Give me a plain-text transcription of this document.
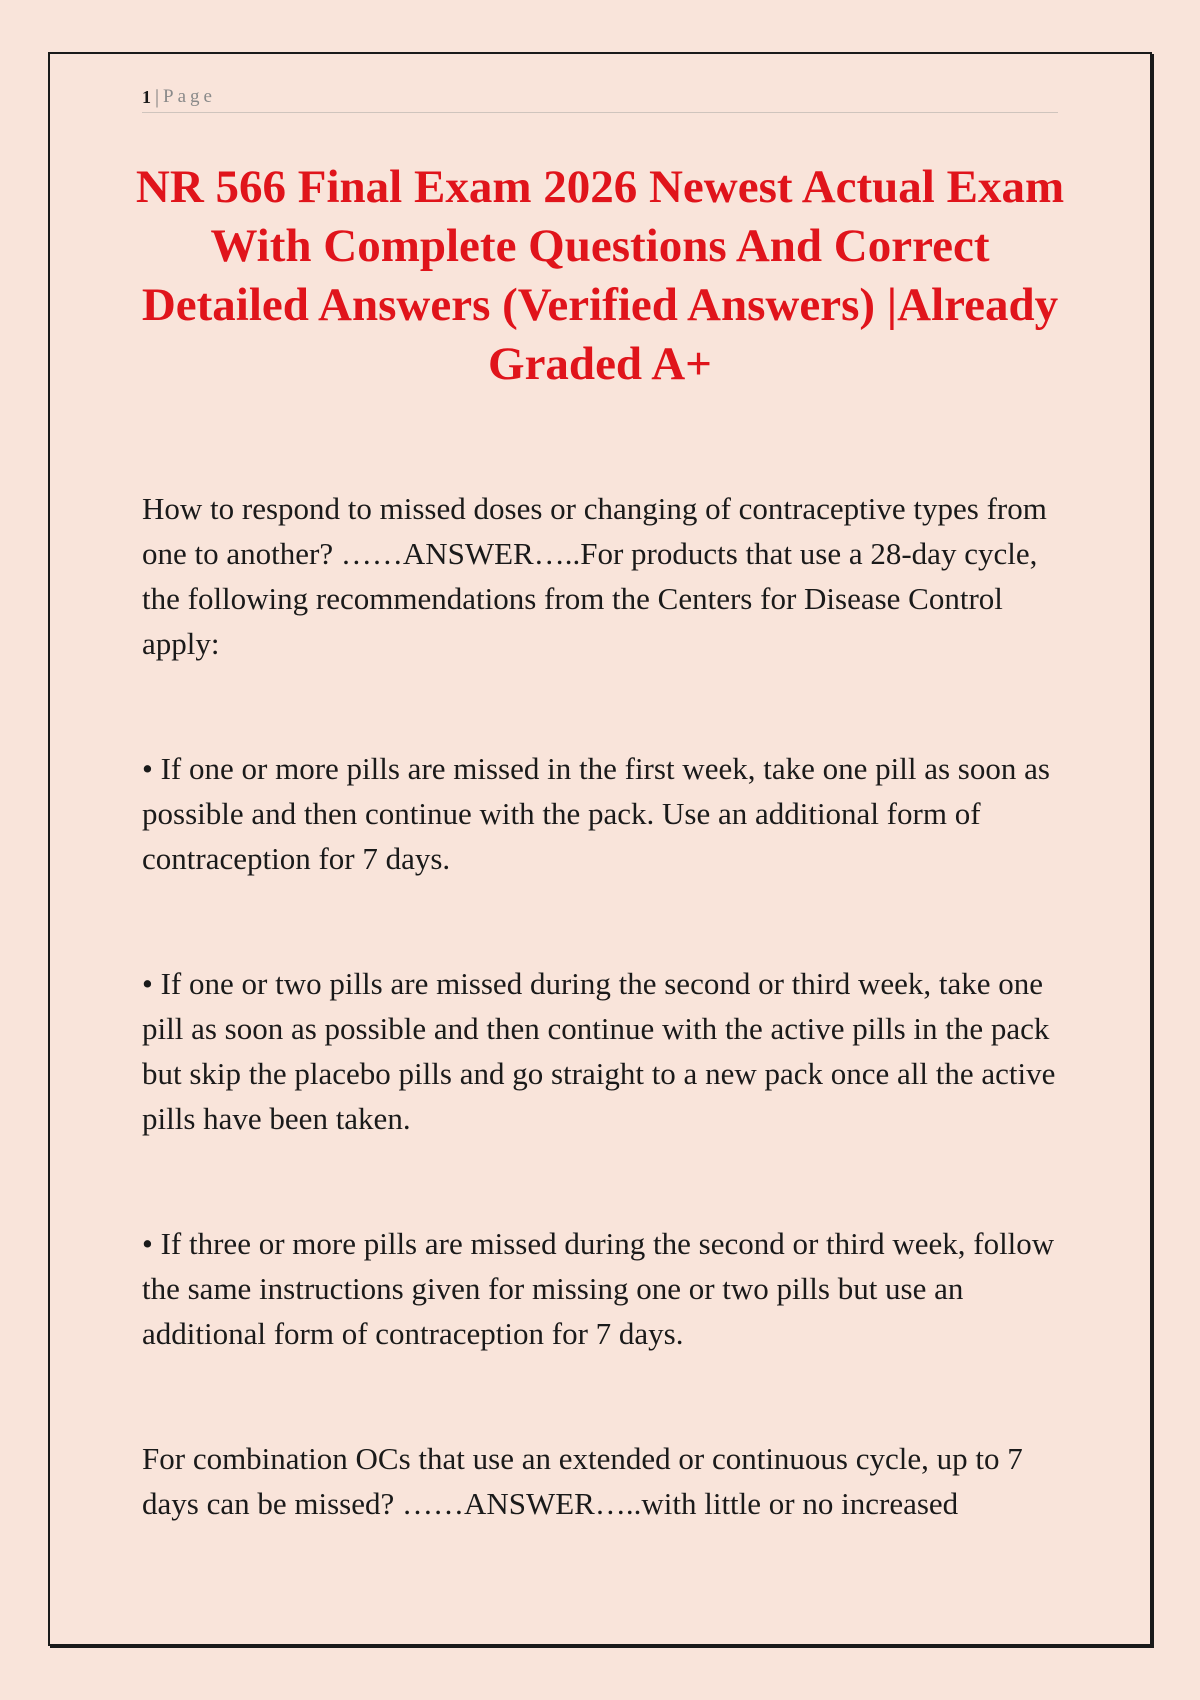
1 | Page
NR 566 Final Exam 2026 Newest Actual Exam With Complete Questions And Correct Detailed Answers (Verified Answers) |Already Graded A+

How to respond to missed doses or changing of contraceptive types from one to another? ……ANSWER…..For products that use a 28-day cycle, the following recommendations from the Centers for Disease Control apply:

• If one or more pills are missed in the first week, take one pill as soon as possible and then continue with the pack. Use an additional form of contraception for 7 days.

• If one or two pills are missed during the second or third week, take one pill as soon as possible and then continue with the active pills in the pack but skip the placebo pills and go straight to a new pack once all the active pills have been taken.

• If three or more pills are missed during the second or third week, follow the same instructions given for missing one or two pills but use an additional form of contraception for 7 days.

For combination OCs that use an extended or continuous cycle, up to 7 days can be missed? ……ANSWER…..with little or no increased
